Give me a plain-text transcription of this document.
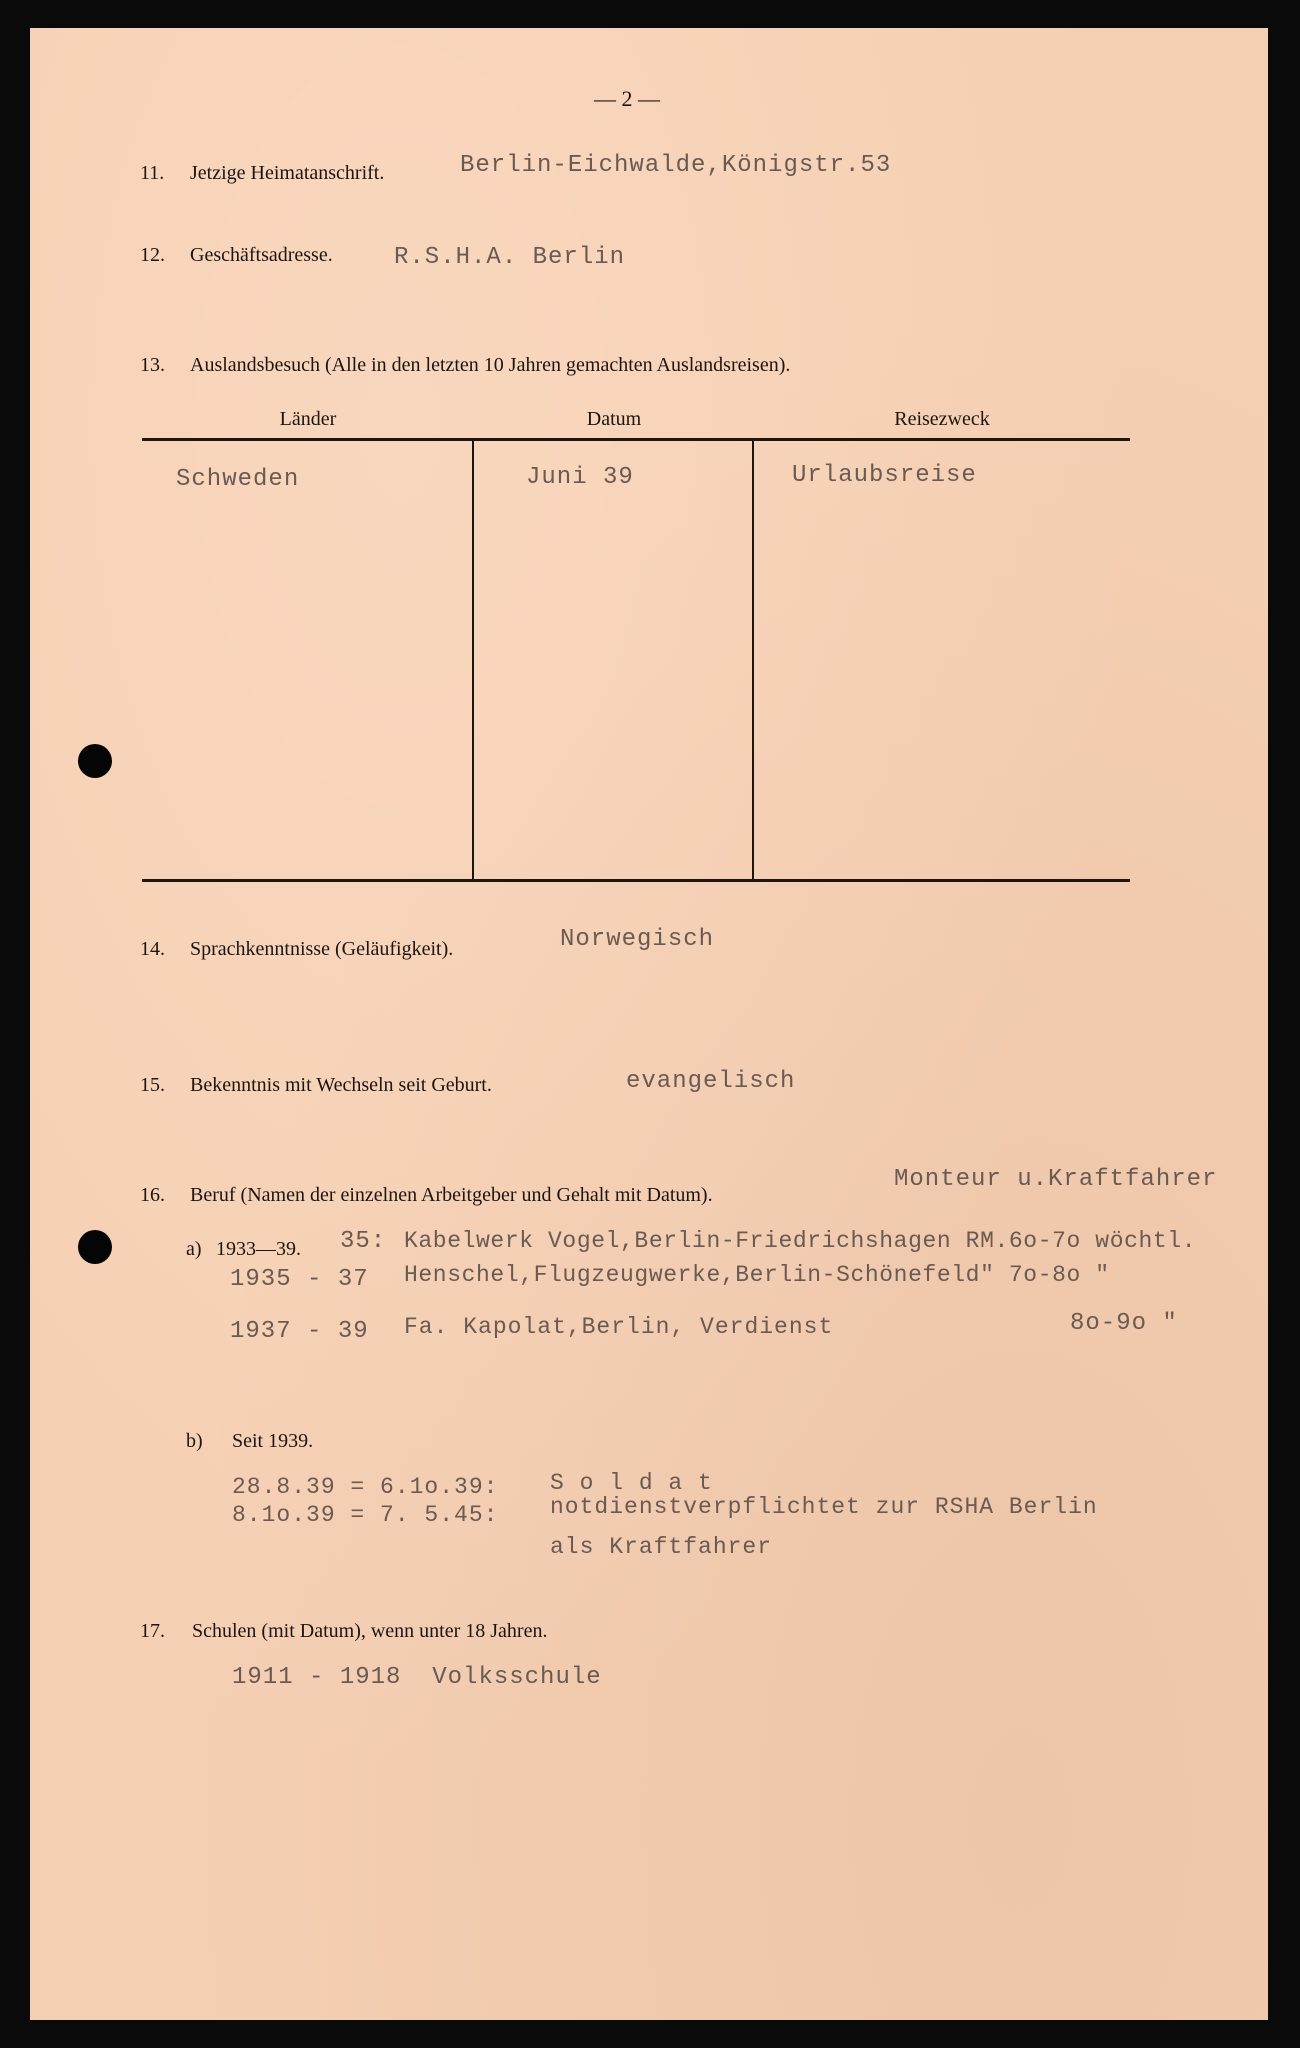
— 2 —
11. Jetzige Heimatanschrift.	Berlin-Eichwalde,Königstr.53
12. Geschäftsadresse.	R.S.H.A. Berlin
13. Auslandsbesuch (Alle in den letzten 10 Jahren gemachten Auslandsreisen).
Länder	Datum	Reisezweck
Schweden	Juni 39	Urlaubsreise
14. Sprachkenntnisse (Geläufigkeit).	Norwegisch
15. Bekenntnis mit Wechseln seit Geburt.	evangelisch
16. Beruf (Namen der einzelnen Arbeitgeber und Gehalt mit Datum).
Monteur u.Kraftfahrer
a) 1933—39. 35: Kabelwerk Vogel,Berlin-Friedrichshagen RM.6o-7o wöchtl.
1935 - 37 Henschel,Flugzeugwerke,Berlin-Schönefeld" 7o-8o "
1937 - 39 Fa. Kapolat,Berlin, Verdienst	8o-9o "
b) Seit 1939.
28.8.39 = 6.1o.39: S o l d a t
8.1o.39 = 7. 5.45: notdienstverpflichtet zur RSHA Berlin
als Kraftfahrer
17. Schulen (mit Datum), wenn unter 18 Jahren.
1911 - 1918  Volksschule
